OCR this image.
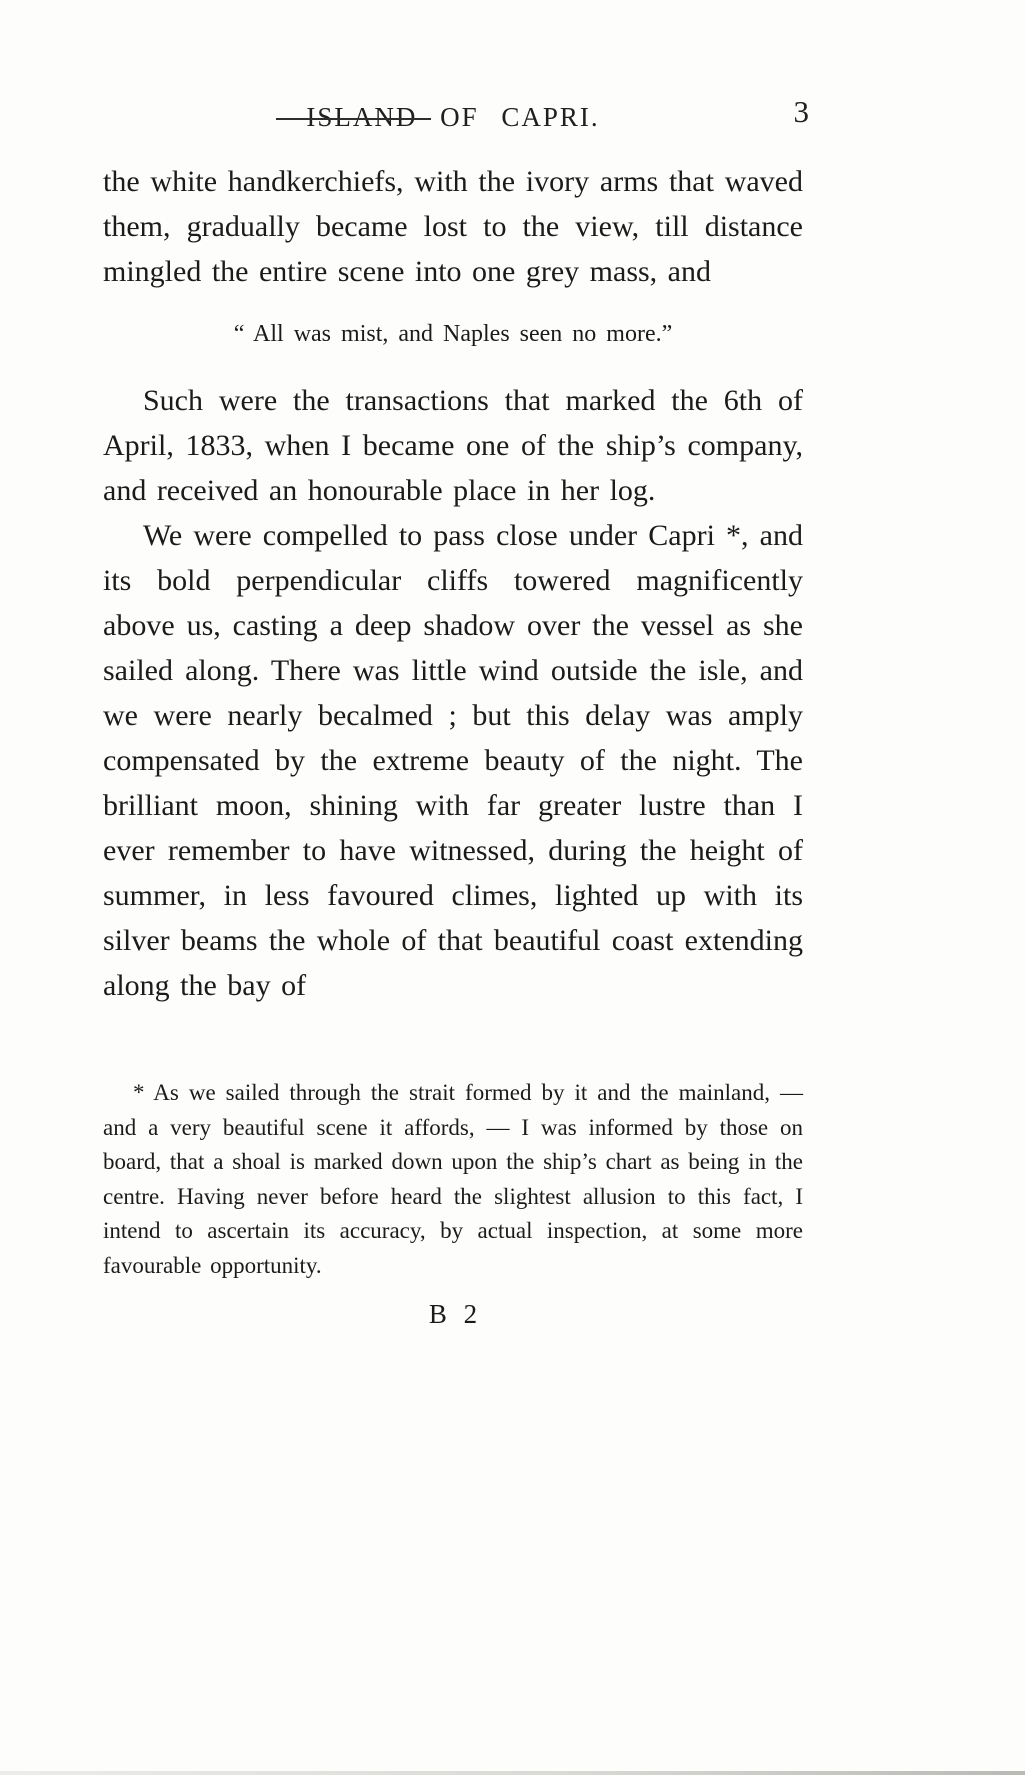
ISLAND OF CAPRI.	3

the white handkerchiefs, with the ivory arms that waved them, gradually became lost to the view, till distance mingled the entire scene into one grey mass, and

“ All was mist, and Naples seen no more.”

Such were the transactions that marked the 6th of April, 1833, when I became one of the ship’s company, and received an honourable place in her log.

We were compelled to pass close under Capri *, and its bold perpendicular cliffs towered magnificently above us, casting a deep shadow over the vessel as she sailed along. There was little wind outside the isle, and we were nearly becalmed ; but this delay was amply compensated by the extreme beauty of the night. The brilliant moon, shining with far greater lustre than I ever remember to have witnessed, during the height of summer, in less favoured climes, lighted up with its silver beams the whole of that beautiful coast extending along the bay of

* As we sailed through the strait formed by it and the mainland, — and a very beautiful scene it affords, — I was informed by those on board, that a shoal is marked down upon the ship’s chart as being in the centre. Having never before heard the slightest allusion to this fact, I intend to ascertain its accuracy, by actual inspection, at some more favourable opportunity.

B 2
